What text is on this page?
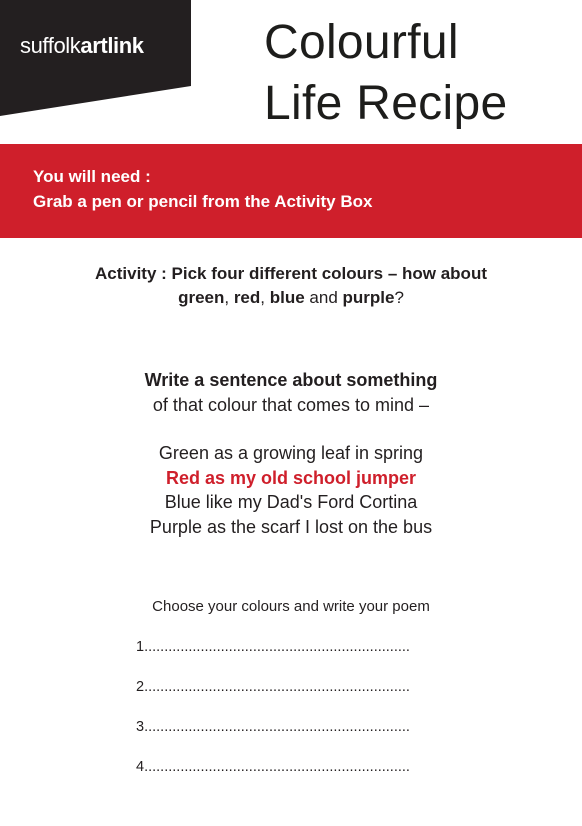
suffolkartlink	Colourful
Life Recipe
You will need :
Grab a pen or pencil from the Activity Box
Activity : Pick four different colours – how about
green, red, blue and purple?
Write a sentence about something
of that colour that comes to mind –
Green as a growing leaf in spring
Red as my old school jumper
Blue like my Dad's Ford Cortina
Purple as the scarf I lost on the bus
Choose your colours and write your poem
1..................................................................
2..................................................................
3..................................................................
4..................................................................
